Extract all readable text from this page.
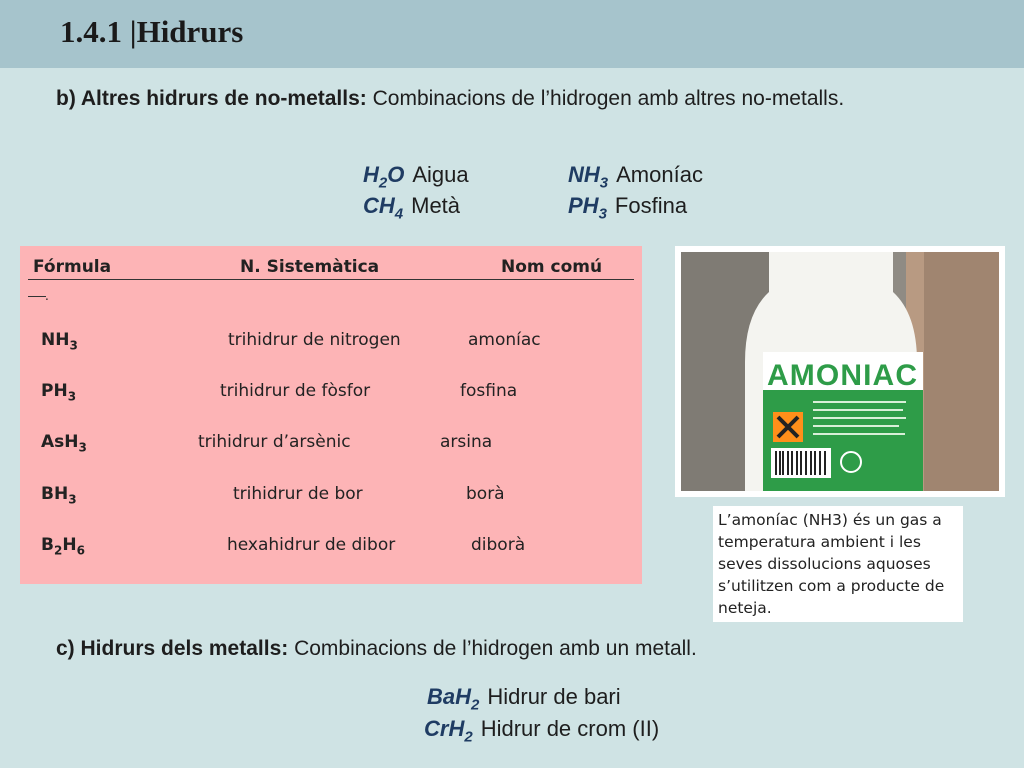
1.4.1 |Hidrurs
b) Altres hidrurs de no-metalls: Combinacions de l’hidrogen amb altres no-metalls.
$H_2O$ Aigua	$NH_3$ Amoníac
$CH_4$ Metà	$PH_3$ Fosfina
Fórmula	N. Sistemàtica	Nom comú
.
$NH_3$	trihidrur de nitrogen	amoníac
$PH_3$	trihidrur de fòsfor	fosfina
AsH$_3$	trihidrur d’arsènic	arsina
$BH_3$	trihidrur de bor	borà
$B_2H_6$	hexahidrur de dibor	diborà
AMONIAC
L’amoníac (NH3) és un gas a temperatura ambient i les seves dissolucions aquoses s’utilitzen com a producte de neteja.
c) Hidrurs dels metalls: Combinacions de l’hidrogen amb un metall.
BaH$_2$ Hidrur de bari
CrH$_2$ Hidrur de crom (II)
